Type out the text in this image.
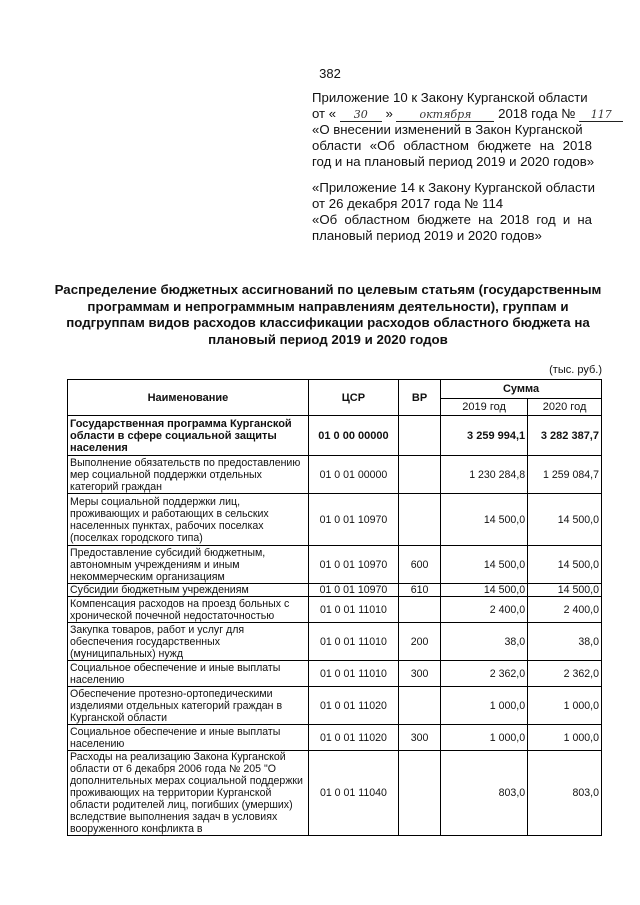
382
Приложение 10 к Закону Курганской области
от « 30 » октября 2018 года № 117
«О внесении изменений в Закон Курганской
области «Об областном бюджете на 2018
год и на плановый период 2019 и 2020 годов»
«Приложение 14 к Закону Курганской области
от 26 декабря 2017 года № 114
«Об областном бюджете на 2018 год и на
плановый период 2019 и 2020 годов»
Распределение бюджетных ассигнований по целевым статьям (государственным программам и непрограммным направлениям деятельности), группам и подгруппам видов расходов классификации расходов областного бюджета на плановый период 2019 и 2020 годов
(тыс. руб.)
Наименование	ЦСР	ВР	Сумма	
			2019 год	2020 год
Государственная программа Курганской области в сфере социальной защиты населения	01 0 00 00000		3 259 994,1	3 282 387,7
Выполнение обязательств по предоставлению мер социальной поддержки отдельных категорий граждан	01 0 01 00000		1 230 284,8	1 259 084,7
Меры социальной поддержки лиц, проживающих и работающих в сельских населенных пунктах, рабочих поселках (поселках городского типа)	01 0 01 10970		14 500,0	14 500,0
Предоставление субсидий бюджетным, автономным учреждениям и иным некоммерческим организациям	01 0 01 10970	600	14 500,0	14 500,0
Субсидии бюджетным учреждениям	01 0 01 10970	610	14 500,0	14 500,0
Компенсация расходов на проезд больных с хронической почечной недостаточностью	01 0 01 11010		2 400,0	2 400,0
Закупка товаров, работ и услуг для обеспечения государственных (муниципальных) нужд	01 0 01 11010	200	38,0	38,0
Социальное обеспечение и иные выплаты населению	01 0 01 11010	300	2 362,0	2 362,0
Обеспечение протезно-ортопедическими изделиями отдельных категорий граждан в Курганской области	01 0 01 11020		1 000,0	1 000,0
Социальное обеспечение и иные выплаты населению	01 0 01 11020	300	1 000,0	1 000,0
Расходы на реализацию Закона Курганской области от 6 декабря 2006 года № 205 "О дополнительных мерах социальной поддержки проживающих на территории Курганской области родителей лиц, погибших (умерших) вследствие выполнения задач в условиях вооруженного конфликта в	01 0 01 11040		803,0	803,0
